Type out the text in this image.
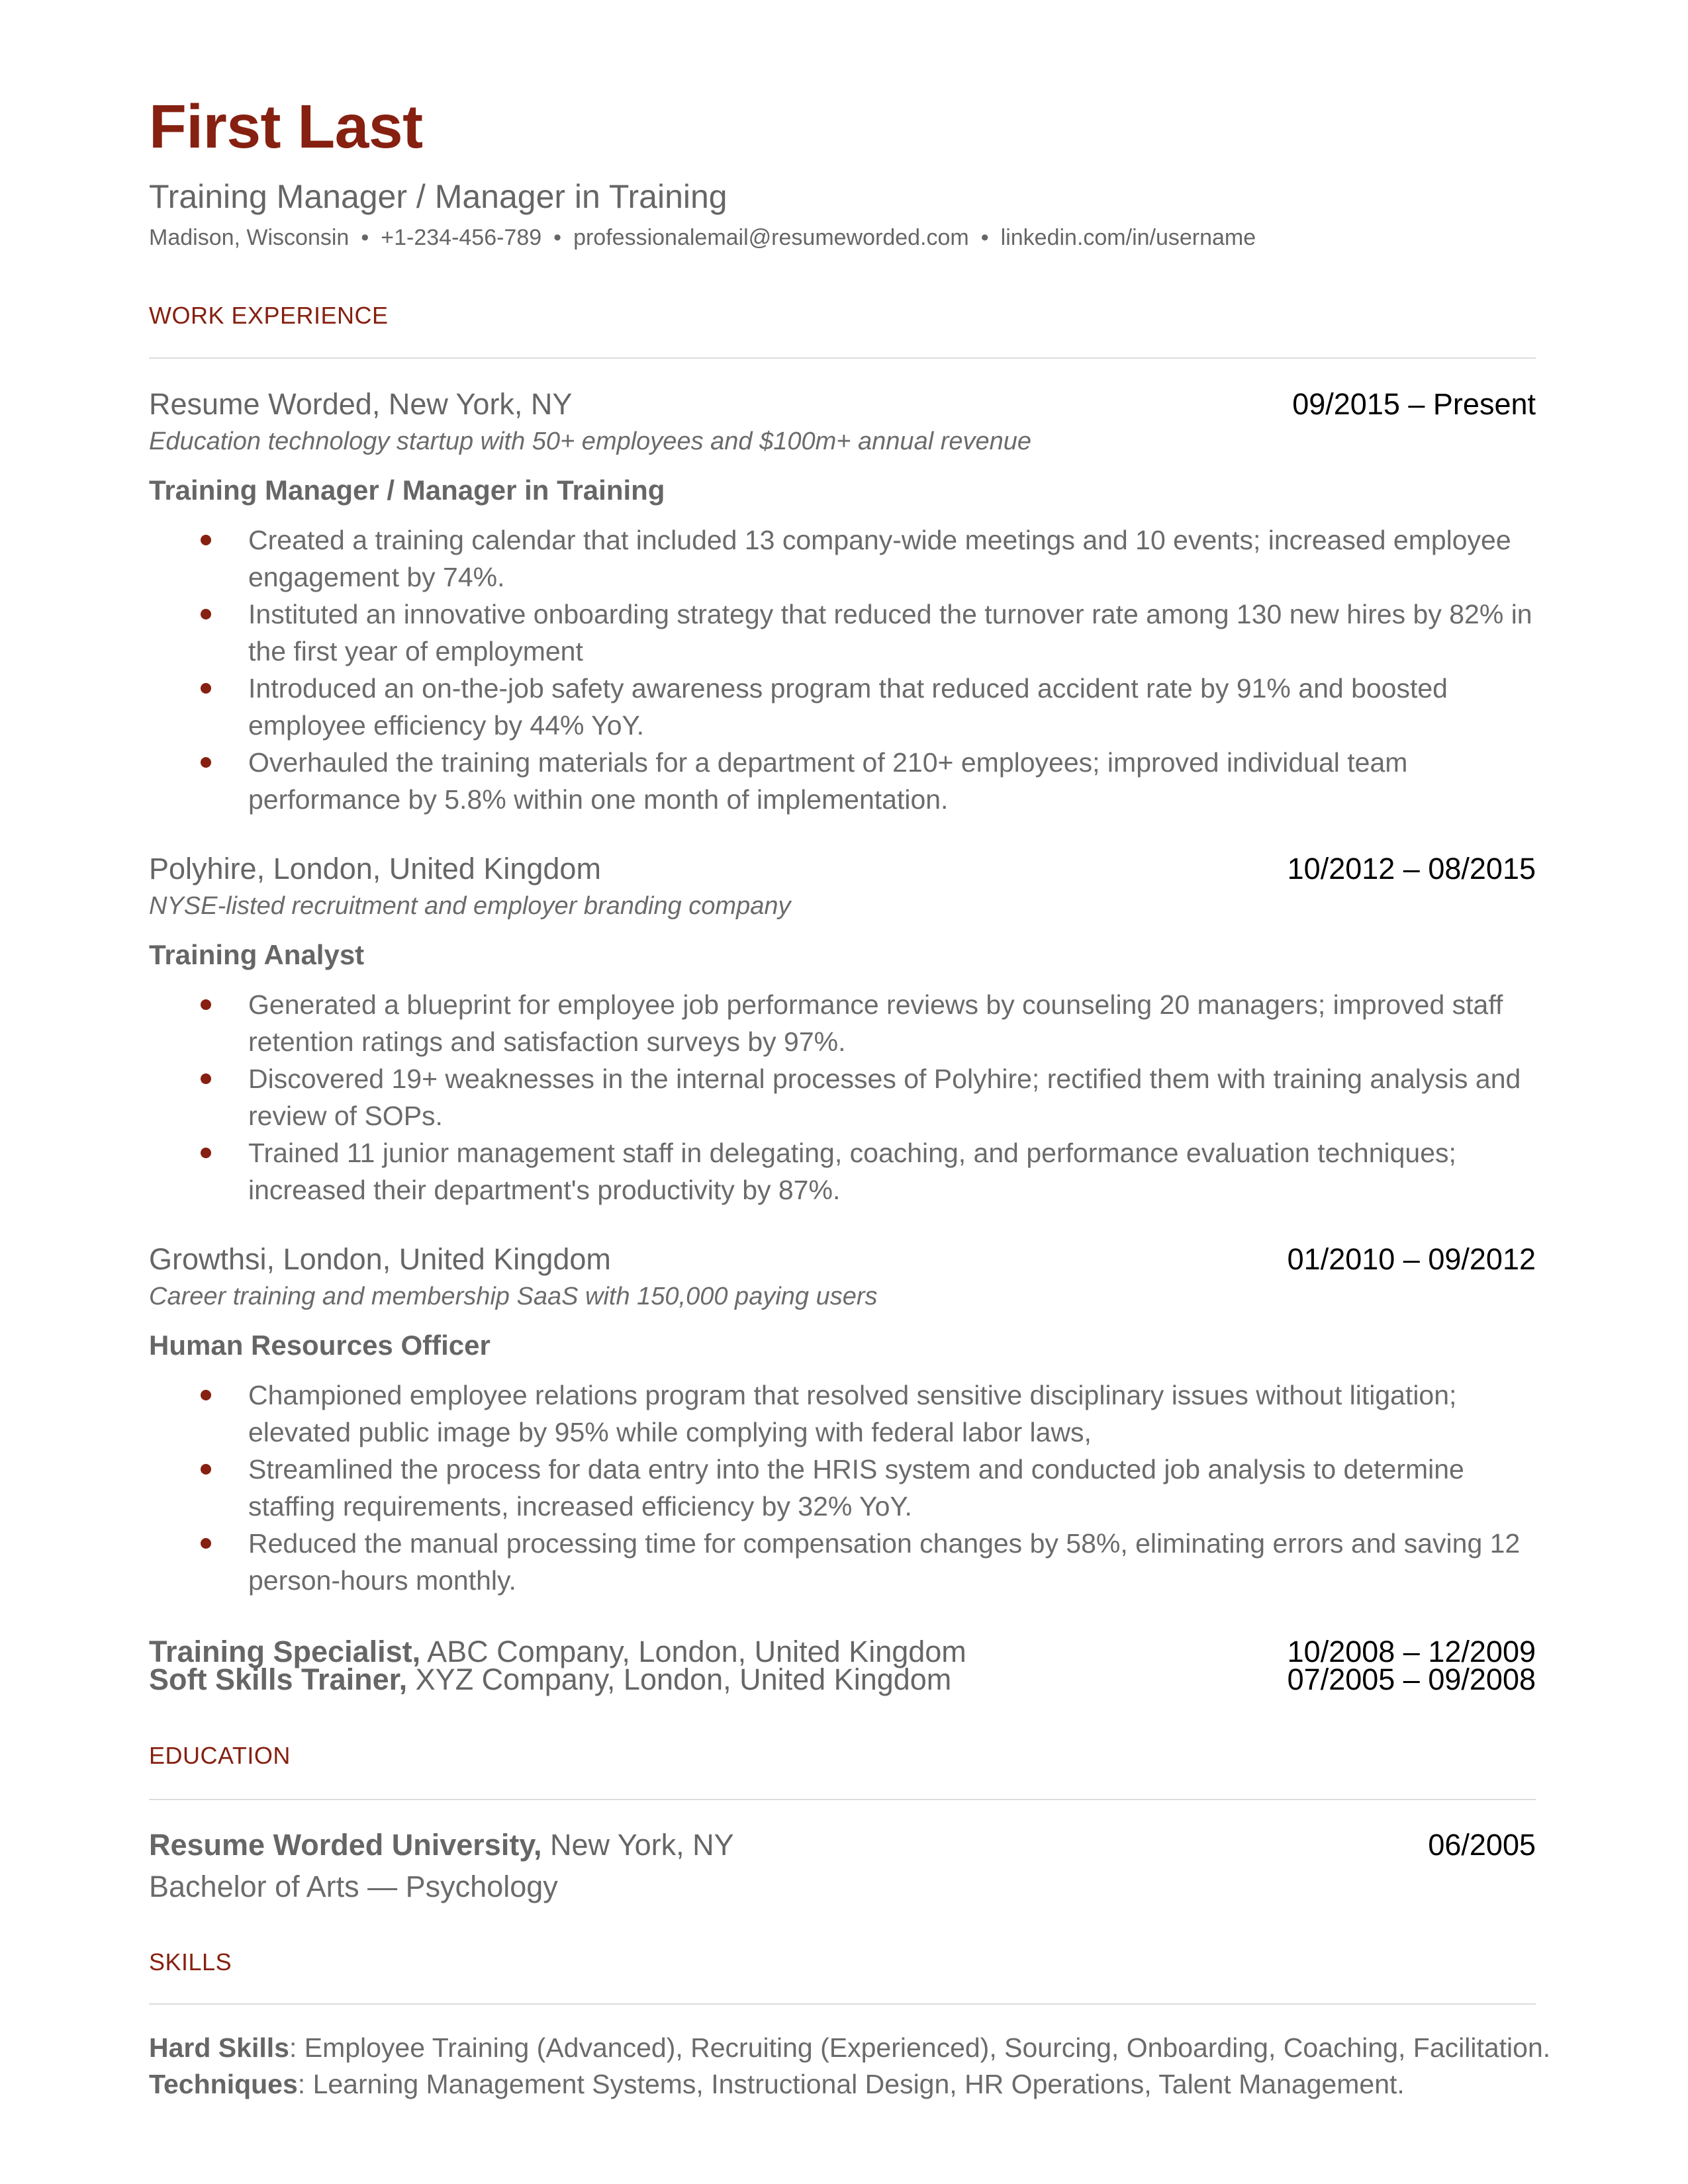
First Last
Training Manager / Manager in Training
Madison, Wisconsin • +1-234-456-789 • professionalemail@resumeworded.com • linkedin.com/in/username
WORK EXPERIENCE
Resume Worded, New York, NY	09/2015 – Present
Education technology startup with 50+ employees and $100m+ annual revenue
Training Manager / Manager in Training
Created a training calendar that included 13 company-wide meetings and 10 events; increased employee
engagement by 74%.
Instituted an innovative onboarding strategy that reduced the turnover rate among 130 new hires by 82% in
the first year of employment
Introduced an on-the-job safety awareness program that reduced accident rate by 91% and boosted
employee efficiency by 44% YoY.
Overhauled the training materials for a department of 210+ employees; improved individual team
performance by 5.8% within one month of implementation.
Polyhire, London, United Kingdom	10/2012 – 08/2015
NYSE-listed recruitment and employer branding company
Training Analyst
Generated a blueprint for employee job performance reviews by counseling 20 managers; improved staff
retention ratings and satisfaction surveys by 97%.
Discovered 19+ weaknesses in the internal processes of Polyhire; rectified them with training analysis and
review of SOPs.
Trained 11 junior management staff in delegating, coaching, and performance evaluation techniques;
increased their department's productivity by 87%.
Growthsi, London, United Kingdom	01/2010 – 09/2012
Career training and membership SaaS with 150,000 paying users
Human Resources Officer
Championed employee relations program that resolved sensitive disciplinary issues without litigation;
elevated public image by 95% while complying with federal labor laws,
Streamlined the process for data entry into the HRIS system and conducted job analysis to determine
staffing requirements, increased efficiency by 32% YoY.
Reduced the manual processing time for compensation changes by 58%, eliminating errors and saving 12
person-hours monthly.
Training Specialist, ABC Company, London, United Kingdom	10/2008 – 12/2009
Soft Skills Trainer, XYZ Company, London, United Kingdom	07/2005 – 09/2008
EDUCATION
Resume Worded University, New York, NY	06/2005
Bachelor of Arts — Psychology
SKILLS
Hard Skills: Employee Training (Advanced), Recruiting (Experienced), Sourcing, Onboarding, Coaching, Facilitation.
Techniques: Learning Management Systems, Instructional Design, HR Operations, Talent Management.
